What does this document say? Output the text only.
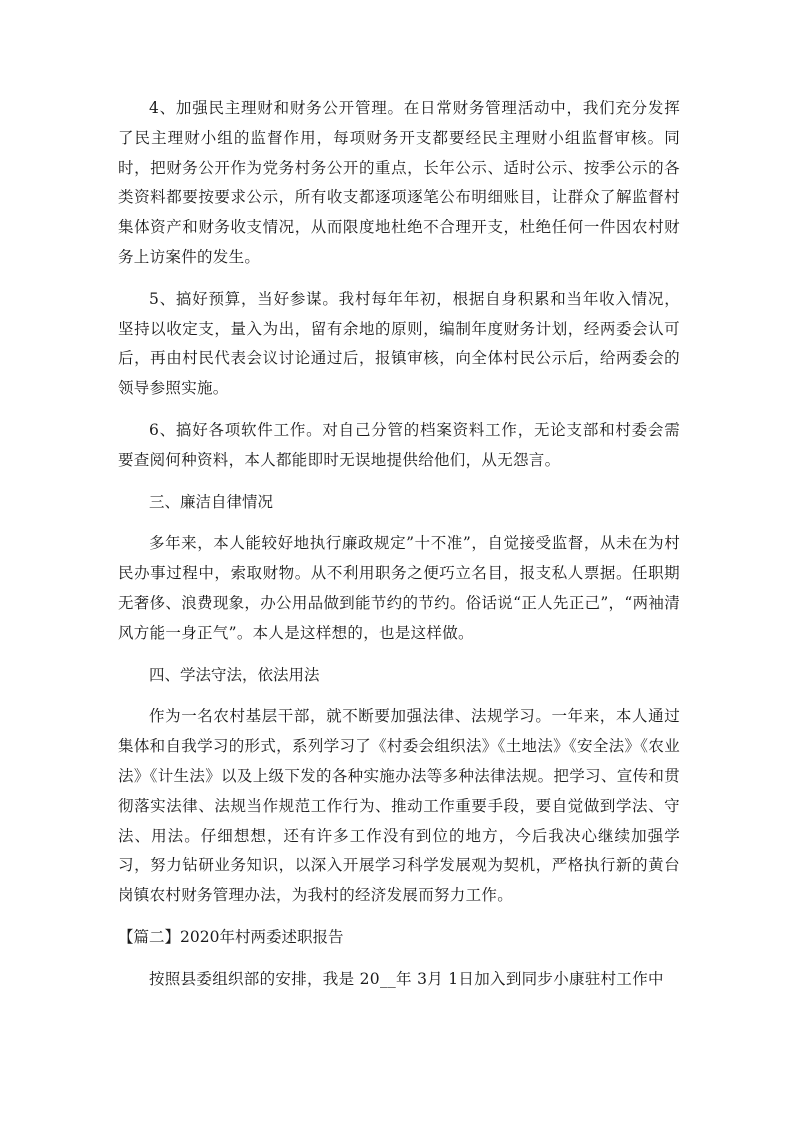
4、加强民主理财和财务公开管理。在日常财务管理活动中，我们充分发挥了民主理财小组的监督作用，每项财务开支都要经民主理财小组监督审核。同时，把财务公开作为党务村务公开的重点，长年公示、适时公示、按季公示的各类资料都要按要求公示，所有收支都逐项逐笔公布明细账目，让群众了解监督村集体资产和财务收支情况，从而限度地杜绝不合理开支，杜绝任何一件因农村财务上访案件的发生。

5、搞好预算，当好参谋。我村每年年初，根据自身积累和当年收入情况，坚持以收定支，量入为出，留有余地的原则，编制年度财务计划，经两委会认可后，再由村民代表会议讨论通过后，报镇审核，向全体村民公示后，给两委会的领导参照实施。

6、搞好各项软件工作。对自己分管的档案资料工作，无论支部和村委会需要查阅何种资料，本人都能即时无误地提供给他们，从无怨言。

三、廉洁自律情况

多年来，本人能较好地执行廉政规定”十不准”，自觉接受监督，从未在为村民办事过程中，索取财物。从不利用职务之便巧立名目，报支私人票据。任职期无奢侈、浪费现象，办公用品做到能节约的节约。俗话说“正人先正己”，“两袖清风方能一身正气”。本人是这样想的，也是这样做。

四、学法守法，依法用法

作为一名农村基层干部，就不断要加强法律、法规学习。一年来，本人通过集体和自我学习的形式，系列学习了《村委会组织法》《土地法》《安全法》《农业法》《计生法》以及上级下发的各种实施办法等多种法律法规。把学习、宣传和贯彻落实法律、法规当作规范工作行为、推动工作重要手段，要自觉做到学法、守法、用法。仔细想想，还有许多工作没有到位的地方，今后我决心继续加强学习，努力钻研业务知识，以深入开展学习科学发展观为契机，严格执行新的黄台岗镇农村财务管理办法，为我村的经济发展而努力工作。

【篇二】2020年村两委述职报告

按照县委组织部的安排，我是 20__年 3月 1日加入到同步小康驻村工作中
